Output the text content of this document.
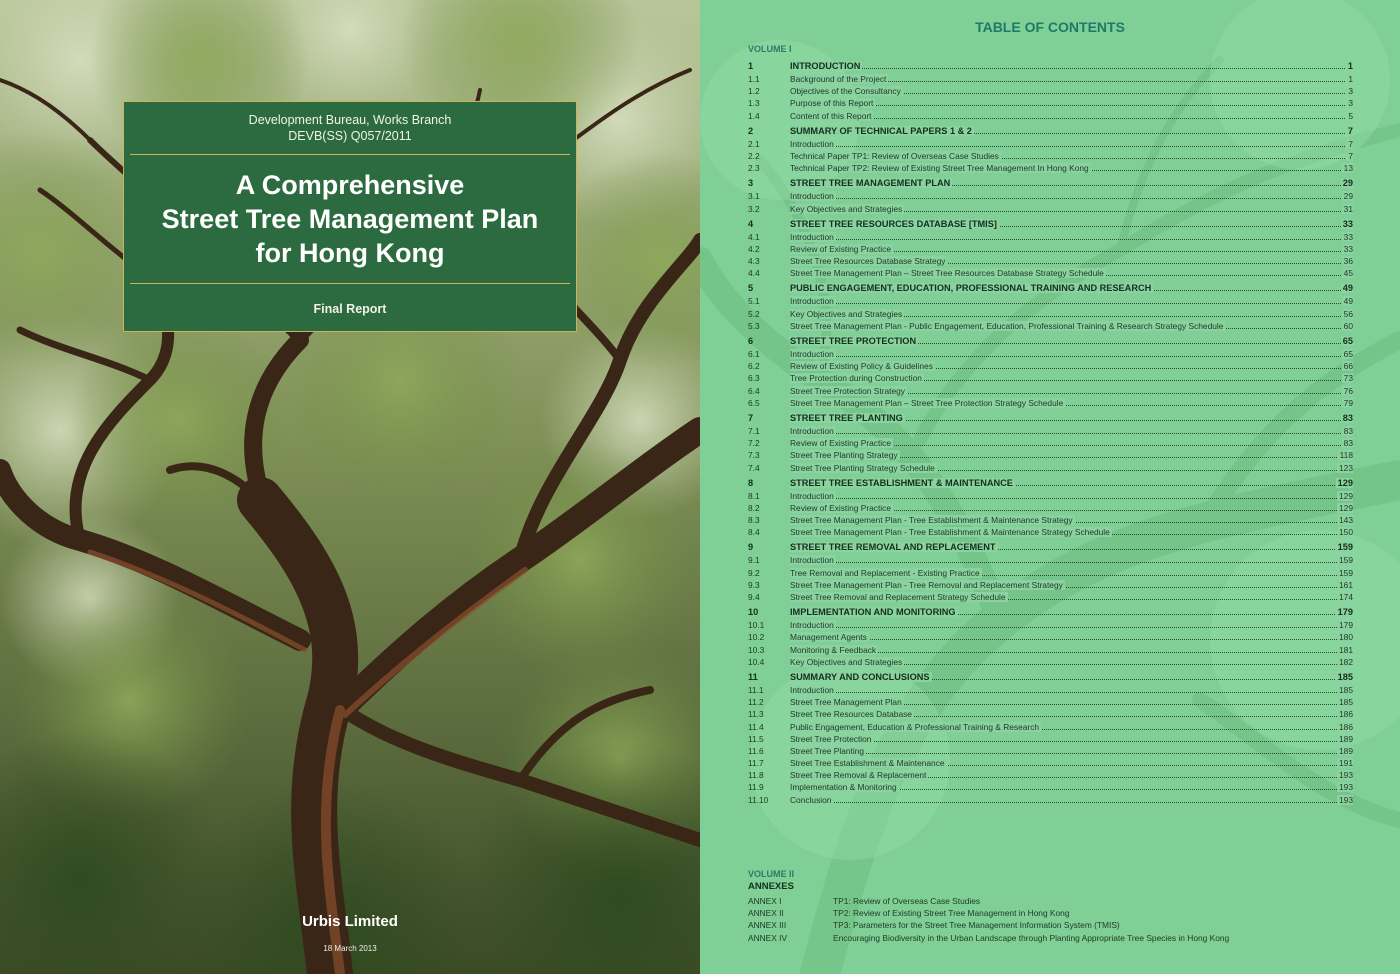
Development Bureau, Works Branch
DEVB(SS) Q057/2011
A Comprehensive
Street Tree Management Plan
for Hong Kong
Final Report
Urbis Limited
18 March 2013
TABLE OF CONTENTS
VOLUME I
1	INTRODUCTION	1
1.1	Background of the Project	1
1.2	Objectives of the Consultancy	3
1.3	Purpose of this Report	3
1.4	Content of this Report	5
2	SUMMARY OF TECHNICAL PAPERS 1 & 2	7
2.1	Introduction	7
2.2	Technical Paper TP1: Review of Overseas Case Studies	7
2.3	Technical Paper TP2: Review of Existing Street Tree Management In Hong Kong	13
3	STREET TREE MANAGEMENT PLAN	29
3.1	Introduction	29
3.2	Key Objectives and Strategies	31
4	STREET TREE RESOURCES DATABASE [TMIS]	33
4.1	Introduction	33
4.2	Review of Existing Practice	33
4.3	Street Tree Resources Database Strategy	36
4.4	Street Tree Management Plan – Street Tree Resources Database Strategy Schedule	45
5	PUBLIC ENGAGEMENT, EDUCATION, PROFESSIONAL TRAINING AND RESEARCH	49
5.1	Introduction	49
5.2	Key Objectives and Strategies	56
5.3	Street Tree Management Plan - Public Engagement, Education, Professional Training & Research Strategy Schedule	60
6	STREET TREE PROTECTION	65
6.1	Introduction	65
6.2	Review of Existing Policy & Guidelines	66
6.3	Tree Protection during Construction	73
6.4	Street Tree Protection Strategy	76
6.5	Street Tree Management Plan – Street Tree Protection Strategy Schedule	79
7	STREET TREE PLANTING	83
7.1	Introduction	83
7.2	Review of Existing Practice	83
7.3	Street Tree Planting Strategy	118
7.4	Street Tree Planting Strategy Schedule	123
8	STREET TREE ESTABLISHMENT & MAINTENANCE	129
8.1	Introduction	129
8.2	Review of Existing Practice	129
8.3	Street Tree Management Plan - Tree Establishment & Maintenance Strategy	143
8.4	Street Tree Management Plan - Tree Establishment & Maintenance Strategy Schedule	150
9	STREET TREE REMOVAL AND REPLACEMENT	159
9.1	Introduction	159
9.2	Tree Removal and Replacement - Existing Practice	159
9.3	Street Tree Management Plan - Tree Removal and Replacement Strategy	161
9.4	Street Tree Removal and Replacement Strategy Schedule	174
10	IMPLEMENTATION AND MONITORING	179
10.1	Introduction	179
10.2	Management Agents	180
10.3	Monitoring & Feedback	181
10.4	Key Objectives and Strategies	182
11	SUMMARY AND CONCLUSIONS	185
11.1	Introduction	185
11.2	Street Tree Management Plan	185
11.3	Street Tree Resources Database	186
11.4	Public Engagement, Education & Professional Training & Research	186
11.5	Street Tree Protection	189
11.6	Street Tree Planting	189
11.7	Street Tree Establishment & Maintenance	191
11.8	Street Tree Removal & Replacement	193
11.9	Implementation & Monitoring	193
11.10	Conclusion	193
VOLUME II
ANNEXES
ANNEX I	TP1: Review of Overseas Case Studies
ANNEX II	TP2: Review of Existing Street Tree Management in Hong Kong
ANNEX III	TP3: Parameters for the Street Tree Management Information System (TMIS)
ANNEX IV	Encouraging Biodiversity in the Urban Landscape through Planting Appropriate Tree Species in Hong Kong
